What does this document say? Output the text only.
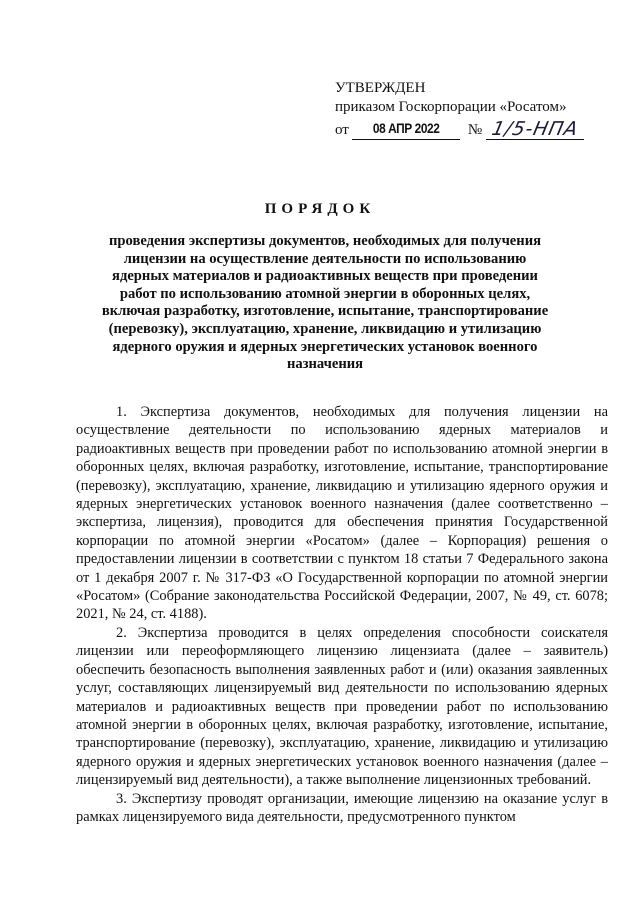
УТВЕРЖДЕН
приказом Госкорпорации «Росатом»
от	08 АПР 2022	№ 1/5-НПА
ПОРЯДОК
проведения экспертизы документов, необходимых для получения лицензии на осуществление деятельности по использованию ядерных материалов и радиоактивных веществ при проведении работ по использованию атомной энергии в оборонных целях, включая разработку, изготовление, испытание, транспортирование (перевозку), эксплуатацию, хранение, ликвидацию и утилизацию ядерного оружия и ядерных энергетических установок военного назначения

1. Экспертиза документов, необходимых для получения лицензии на осуществление деятельности по использованию ядерных материалов и радиоактивных веществ при проведении работ по использованию атомной энергии в оборонных целях, включая разработку, изготовление, испытание, транспортирование (перевозку), эксплуатацию, хранение, ликвидацию и утилизацию ядерного оружия и ядерных энергетических установок военного назначения (далее соответственно – экспертиза, лицензия), проводится для обеспечения принятия Государственной корпорации по атомной энергии «Росатом» (далее – Корпорация) решения о предоставлении лицензии в соответствии с пунктом 18 статьи 7 Федерального закона от 1 декабря 2007 г. № 317-ФЗ «О Государственной корпорации по атомной энергии «Росатом» (Собрание законодательства Российской Федерации, 2007, № 49, ст. 6078; 2021, № 24, ст. 4188).

2. Экспертиза проводится в целях определения способности соискателя лицензии или переоформляющего лицензию лицензиата (далее – заявитель) обеспечить безопасность выполнения заявленных работ и (или) оказания заявленных услуг, составляющих лицензируемый вид деятельности по использованию ядерных материалов и радиоактивных веществ при проведении работ по использованию атомной энергии в оборонных целях, включая разработку, изготовление, испытание, транспортирование (перевозку), эксплуатацию, хранение, ликвидацию и утилизацию ядерного оружия и ядерных энергетических установок военного назначения (далее – лицензируемый вид деятельности), а также выполнение лицензионных требований.

3. Экспертизу проводят организации, имеющие лицензию на оказание услуг в рамках лицензируемого вида деятельности, предусмотренного пунктом
